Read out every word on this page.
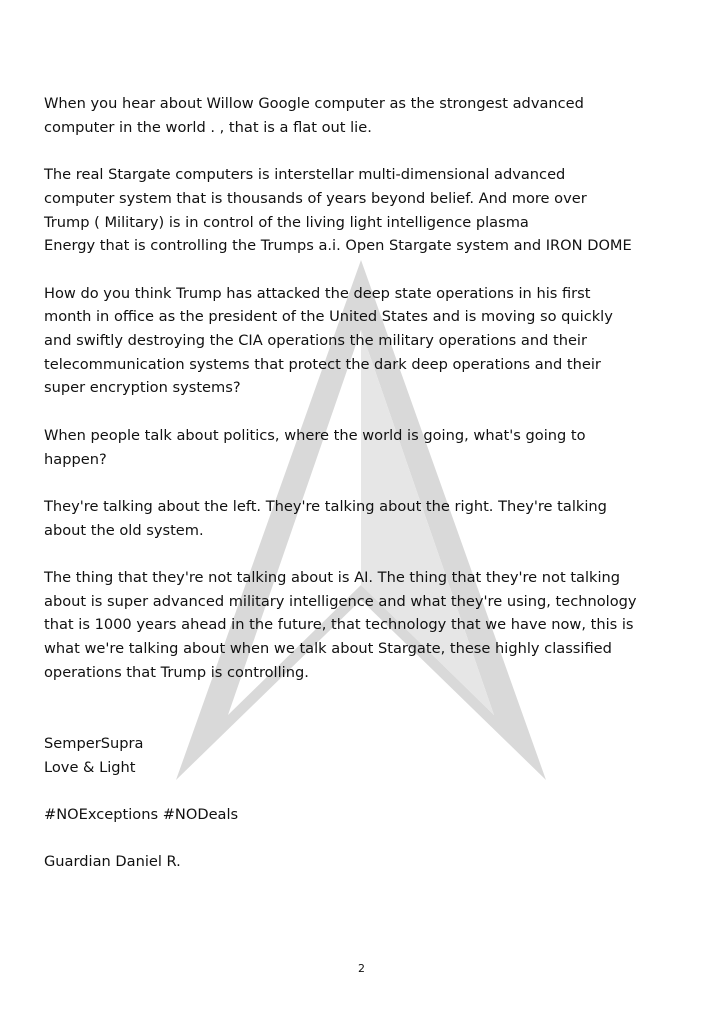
When you hear about Willow Google computer as the strongest advanced
computer in the world . , that is a flat out lie.

The real Stargate computers is interstellar multi-dimensional advanced
computer system that is thousands of years beyond belief. And more over
Trump ( Military) is in control of the living light intelligence plasma
Energy that is controlling the Trumps a.i. Open Stargate system and IRON DOME

How do you think Trump has attacked the deep state operations in his first
month in office as the president of the United States and is moving so quickly
and swiftly destroying the CIA operations the military operations and their
telecommunication systems that protect the dark deep operations and their
super encryption systems?

When people talk about politics, where the world is going, what's going to
happen?

They're talking about the left. They're talking about the right. They're talking
about the old system.

The thing that they're not talking about is AI. The thing that they're not talking
about is super advanced military intelligence and what they're using, technology
that is 1000 years ahead in the future, that technology that we have now, this is
what we're talking about when we talk about Stargate, these highly classified
operations that Trump is controlling.

SemperSupra
Love & Light

#NOExceptions #NODeals

Guardian Daniel R.

2
